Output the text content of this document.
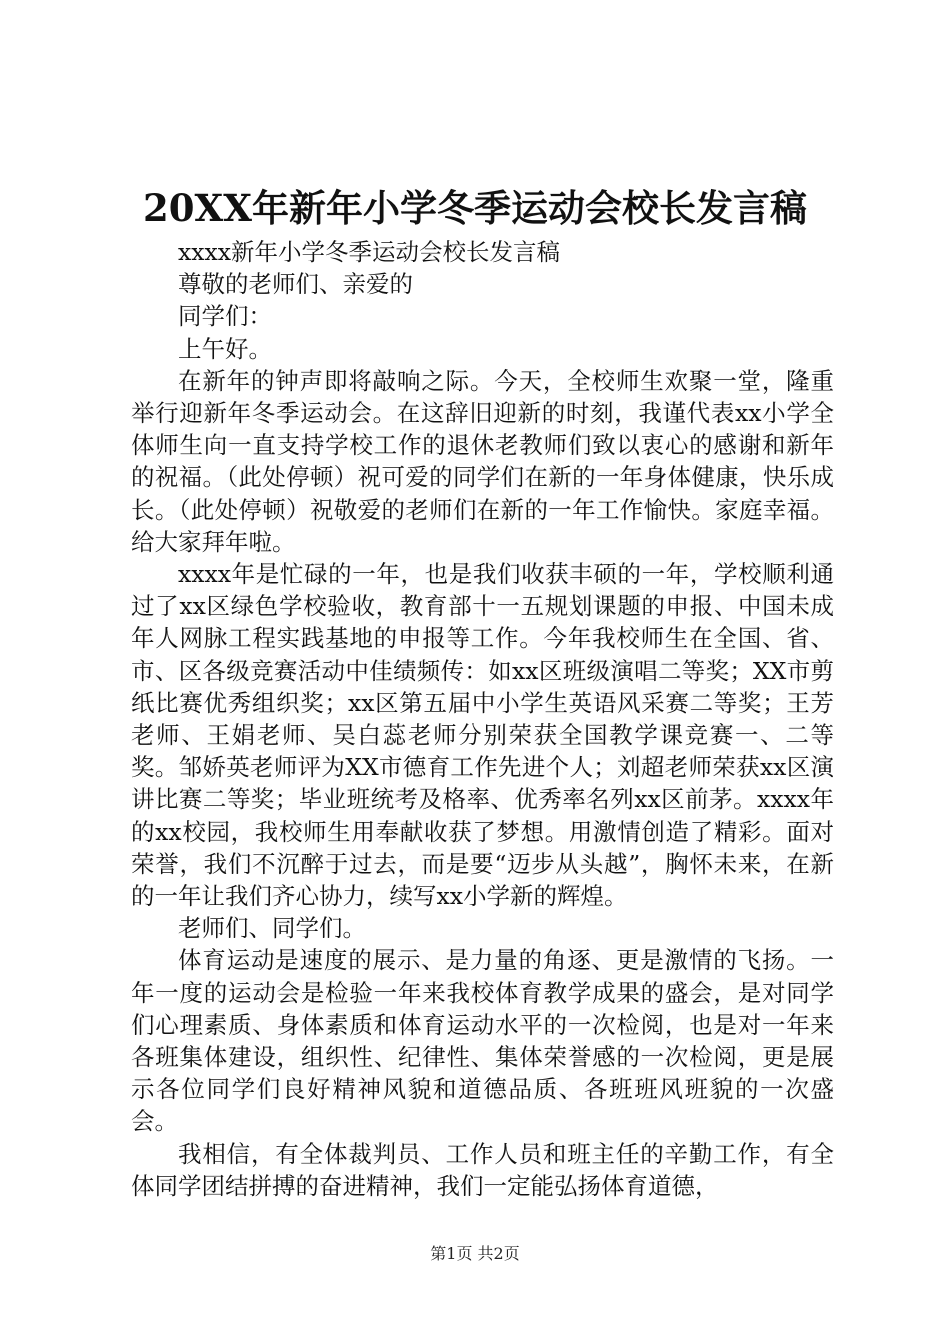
20XX年新年小学冬季运动会校长发言稿

xxxx新年小学冬季运动会校长发言稿

尊敬的老师们、亲爱的

同学们：

上午好。

在新年的钟声即将敲响之际。今天，全校师生欢聚一堂，隆重举行迎新年冬季运动会。在这辞旧迎新的时刻，我谨代表xx小学全体师生向一直支持学校工作的退休老教师们致以衷心的感谢和新年的祝福。（此处停顿）祝可爱的同学们在新的一年身体健康，快乐成长。（此处停顿）祝敬爱的老师们在新的一年工作愉快。家庭幸福。给大家拜年啦。

xxxx年是忙碌的一年，也是我们收获丰硕的一年，学校顺利通过了xx区绿色学校验收，教育部十一五规划课题的申报、中国未成年人网脉工程实践基地的申报等工作。今年我校师生在全国、省、市、区各级竞赛活动中佳绩频传：如xx区班级演唱二等奖；XX市剪纸比赛优秀组织奖；xx区第五届中小学生英语风采赛二等奖；王芳老师、王娟老师、吴白蕊老师分别荣获全国教学课竞赛一、二等奖。邹娇英老师评为XX市德育工作先进个人；刘超老师荣获xx区演讲比赛二等奖；毕业班统考及格率、优秀率名列xx区前茅。xxxx年的xx校园，我校师生用奉献收获了梦想。用激情创造了精彩。面对荣誉，我们不沉醉于过去，而是要“迈步从头越”，胸怀未来，在新的一年让我们齐心协力，续写xx小学新的辉煌。

老师们、同学们。

体育运动是速度的展示、是力量的角逐、更是激情的飞扬。一年一度的运动会是检验一年来我校体育教学成果的盛会，是对同学们心理素质、身体素质和体育运动水平的一次检阅，也是对一年来各班集体建设，组织性、纪律性、集体荣誉感的一次检阅，更是展示各位同学们良好精神风貌和道德品质、各班班风班貌的一次盛会。

我相信，有全体裁判员、工作人员和班主任的辛勤工作，有全体同学团结拼搏的奋进精神，我们一定能弘扬体育道德，

第1页 共2页
